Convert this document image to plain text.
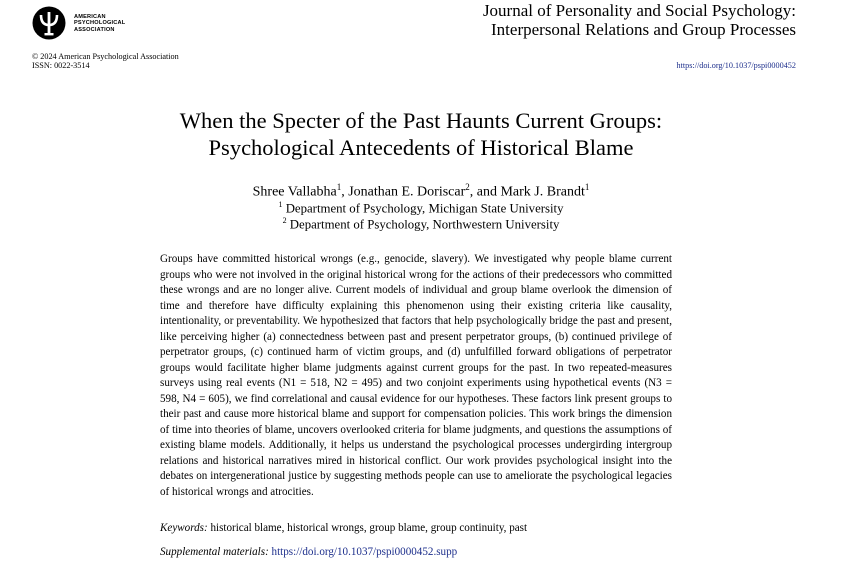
AMERICAN
PSYCHOLOGICAL
ASSOCIATION
Journal of Personality and Social Psychology:
Interpersonal Relations and Group Processes
© 2024 American Psychological Association
ISSN: 0022-3514	https://doi.org/10.1037/pspi0000452
When the Specter of the Past Haunts Current Groups:
Psychological Antecedents of Historical Blame
Shree Vallabha$^1$, Jonathan E. Doriscar$^2$, and Mark J. Brandt$^1$
$^1$ Department of Psychology, Michigan State University
$^2$ Department of Psychology, Northwestern University
Groups have committed historical wrongs (e.g., genocide, slavery). We investigated why people blame current groups who were not involved in the original historical wrong for the actions of their predecessors who committed these wrongs and are no longer alive. Current models of individual and group blame overlook the dimension of time and therefore have difficulty explaining this phenomenon using their existing criteria like causality, intentionality, or preventability. We hypothesized that factors that help psychologically bridge the past and present, like perceiving higher (a) connectedness between past and present perpetrator groups, (b) continued privilege of perpetrator groups, (c) continued harm of victim groups, and (d) unfulfilled forward obligations of perpetrator groups would facilitate higher blame judgments against current groups for the past. In two repeated-measures surveys using real events (N1 = 518, N2 = 495) and two conjoint experiments using hypothetical events (N3 = 598, N4 = 605), we find correlational and causal evidence for our hypotheses. These factors link present groups to their past and cause more historical blame and support for compensation policies. This work brings the dimension of time into theories of blame, uncovers overlooked criteria for blame judgments, and questions the assumptions of existing blame models. Additionally, it helps us understand the psychological processes undergirding intergroup relations and historical narratives mired in historical conflict. Our work provides psychological insight into the debates on intergenerational justice by suggesting methods people can use to ameliorate the psychological legacies of historical wrongs and atrocities.
Keywords: historical blame, historical wrongs, group blame, group continuity, past
Supplemental materials: https://doi.org/10.1037/pspi0000452.supp
